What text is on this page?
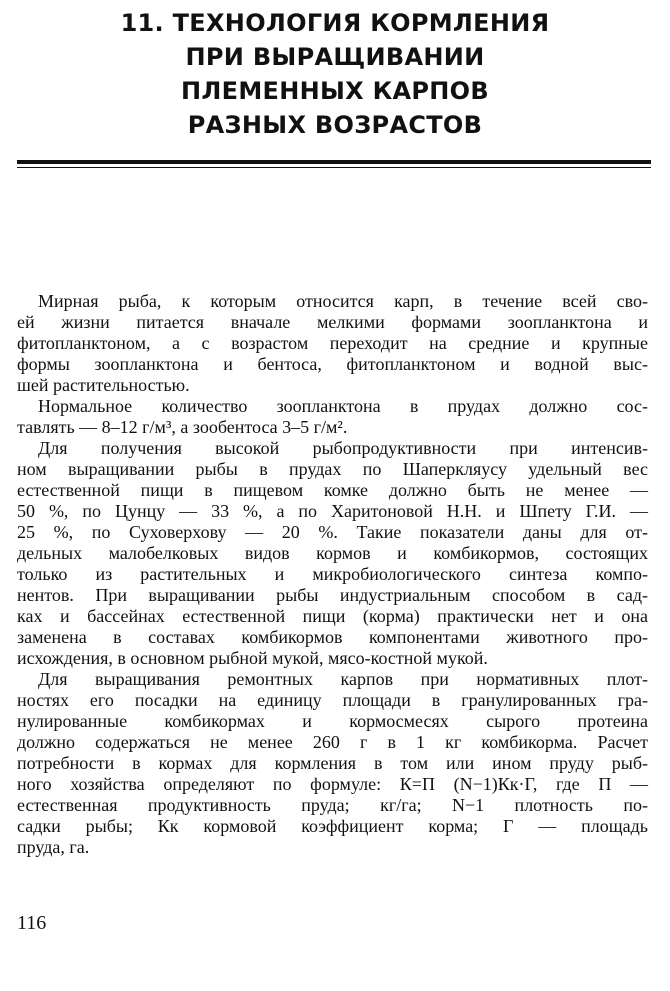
11. ТЕХНОЛОГИЯ КОРМЛЕНИЯ
ПРИ ВЫРАЩИВАНИИ
ПЛЕМЕННЫХ КАРПОВ
РАЗНЫХ ВОЗРАСТОВ

Мирная рыба, к которым относится карп, в течение всей сво-
ей жизни питается вначале мелкими формами зоопланктона и
фитопланктоном, а с возрастом переходит на средние и крупные
формы зоопланктона и бентоса, фитопланктоном и водной выс-
шей растительностью.

Нормальное количество зоопланктона в прудах должно сос-
тавлять — 8–12 г/м³, а зообентоса 3–5 г/м².

Для получения высокой рыбопродуктивности при интенсив-
ном выращивании рыбы в прудах по Шаперкляусу удельный вес
естественной пищи в пищевом комке должно быть не менее —
50 %, по Цунцу — 33 %, а по Харитоновой Н.Н. и Шпету Г.И. —
25 %, по Суховерхову — 20 %. Такие показатели даны для от-
дельных малобелковых видов кормов и комбикормов, состоящих
только из растительных и микробиологического синтеза компо-
нентов. При выращивании рыбы индустриальным способом в сад-
ках и бассейнах естественной пищи (корма) практически нет и она
заменена в составах комбикормов компонентами животного про-
исхождения, в основном рыбной мукой, мясо-костной мукой.

Для выращивания ремонтных карпов при нормативных плот-
ностях его посадки на единицу площади в гранулированных гра-
нулированные комбикормах и кормосмесях сырого протеина
должно содержаться не менее 260 г в 1 кг комбикорма. Расчет
потребности в кормах для кормления в том или ином пруду рыб-
ного хозяйства определяют по формуле: К=П (N−1)Кк·Г, где П —
естественная продуктивность пруда; кг/га; N−1 плотность по-
садки рыбы; Кк кормовой коэффициент корма; Г — площадь
пруда, га.

116
